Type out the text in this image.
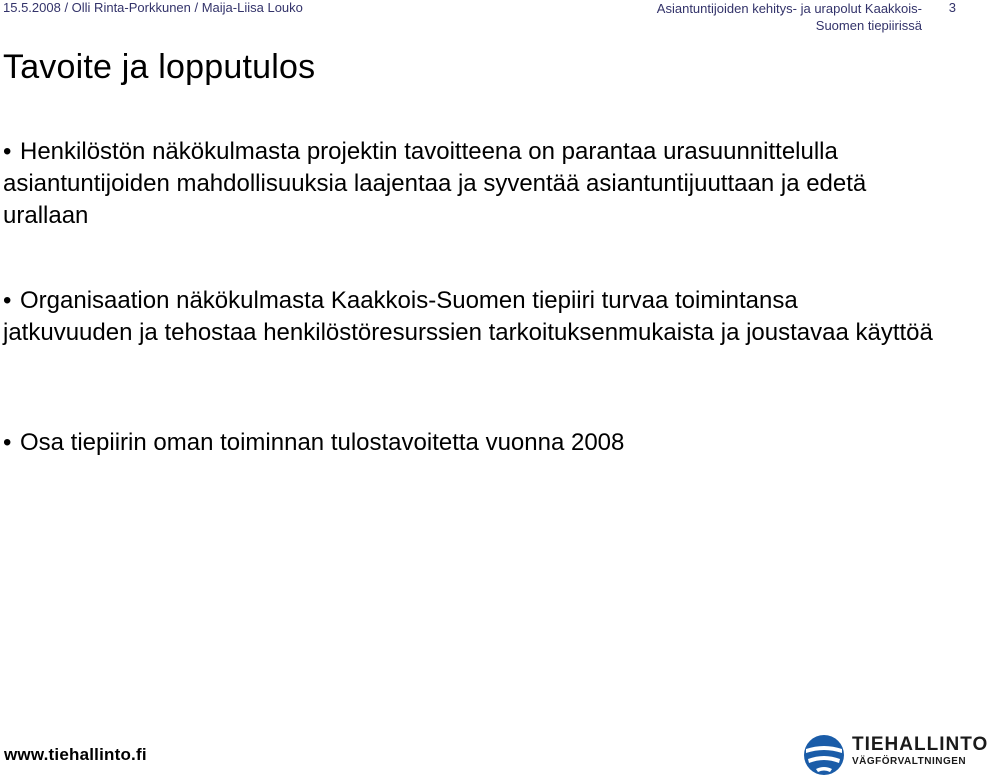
15.5.2008 / Olli Rinta-Porkkunen / Maija-Liisa Louko	Asiantuntijoiden kehitys- ja urapolut Kaakkois-
Suomen tiepiirissä
3
Tavoite ja lopputulos
• Henkilöstön näkökulmasta projektin tavoitteena on parantaa urasuunnittelulla asiantuntijoiden mahdollisuuksia laajentaa ja syventää asiantuntijuuttaan ja edetä urallaan
• Organisaation näkökulmasta Kaakkois-Suomen tiepiiri turvaa toimintansa jatkuvuuden ja tehostaa henkilöstöresurssien tarkoituksenmukaista ja joustavaa käyttöä
• Osa tiepiirin oman toiminnan tulostavoitetta vuonna 2008
www.tiehallinto.fi	TIEHALLINTO
VÄGFÖRVALTNINGEN
